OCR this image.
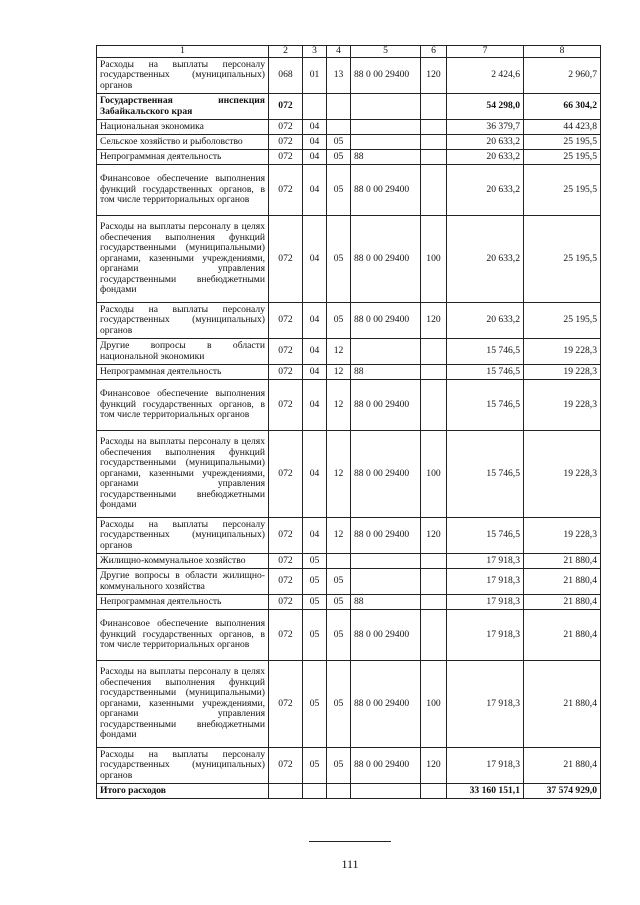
1	2	3	4	5	6	7	8
Расходы на выплаты персоналу государственных (муниципальных) органов	068	01	13	88 0 00 29400	120	2 424,6	2 960,7
Государственная инспекция Забайкальского края	072					54 298,0	66 304,2
Национальная экономика	072	04				36 379,7	44 423,8
Сельское хозяйство и рыболовство	072	04	05			20 633,2	25 195,5
Непрограммная деятельность	072	04	05	88		20 633,2	25 195,5
Финансовое обеспечение выполнения функций государственных органов, в том числе территориальных органов	072	04	05	88 0 00 29400		20 633,2	25 195,5
Расходы на выплаты персоналу в целях обеспечения выполнения функций государственными (муниципальными) органами, казенными учреждениями, органами управления государственными внебюджетными фондами	072	04	05	88 0 00 29400	100	20 633,2	25 195,5
Расходы на выплаты персоналу государственных (муниципальных) органов	072	04	05	88 0 00 29400	120	20 633,2	25 195,5
Другие вопросы в области национальной экономики	072	04	12			15 746,5	19 228,3
Непрограммная деятельность	072	04	12	88		15 746,5	19 228,3
Финансовое обеспечение выполнения функций государственных органов, в том числе территориальных органов	072	04	12	88 0 00 29400		15 746,5	19 228,3
Расходы на выплаты персоналу в целях обеспечения выполнения функций государственными (муниципальными) органами, казенными учреждениями, органами управления государственными внебюджетными фондами	072	04	12	88 0 00 29400	100	15 746,5	19 228,3
Расходы на выплаты персоналу государственных (муниципальных) органов	072	04	12	88 0 00 29400	120	15 746,5	19 228,3
Жилищно-коммунальное хозяйство	072	05				17 918,3	21 880,4
Другие вопросы в области жилищно-коммунального хозяйства	072	05	05			17 918,3	21 880,4
Непрограммная деятельность	072	05	05	88		17 918,3	21 880,4
Финансовое обеспечение выполнения функций государственных органов, в том числе территориальных органов	072	05	05	88 0 00 29400		17 918,3	21 880,4
Расходы на выплаты персоналу в целях обеспечения выполнения функций государственными (муниципальными) органами, казенными учреждениями, органами управления государственными внебюджетными фондами	072	05	05	88 0 00 29400	100	17 918,3	21 880,4
Расходы на выплаты персоналу государственных (муниципальных) органов	072	05	05	88 0 00 29400	120	17 918,3	21 880,4
Итого расходов						33 160 151,1	37 574 929,0
111
